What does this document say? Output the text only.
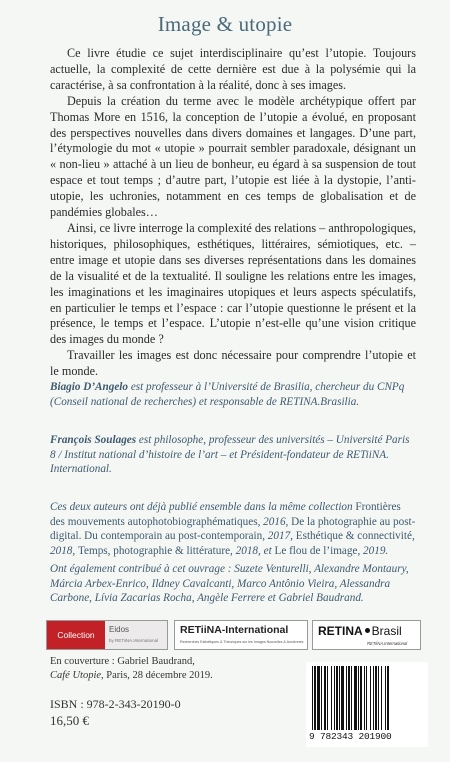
Image & utopie

Ce livre étudie ce sujet interdisciplinaire qu’est l’utopie. Toujours actuelle, la complexité de cette dernière est due à la polysémie qui la caractérise, à sa confrontation à la réalité, donc à ses images.

Depuis la création du terme avec le modèle archétypique offert par Thomas More en 1516, la conception de l’utopie a évolué, en proposant des perspectives nouvelles dans divers domaines et langages. D’une part, l’étymologie du mot « utopie » pourrait sembler paradoxale, désignant un « non-lieu » attaché à un lieu de bonheur, eu égard à sa suspension de tout espace et tout temps ; d’autre part, l’utopie est liée à la dystopie, l’anti-utopie, les uchronies, notamment en ces temps de globalisation et de pandémies globales…

Ainsi, ce livre interroge la complexité des relations – anthropologiques, historiques, philosophiques, esthétiques, littéraires, sémiotiques, etc. – entre image et utopie dans ses diverses représentations dans les domaines de la visualité et de la textualité. Il souligne les relations entre les images, les imaginations et les imaginaires utopiques et leurs aspects spéculatifs, en particulier le temps et l’espace : car l’utopie questionne le présent et la présence, le temps et l’espace. L’utopie n’est-elle qu’une vision critique des images du monde ?

Travailler les images est donc nécessaire pour comprendre l’utopie et le monde.

Biagio D’Angelo est professeur à l’Université de Brasilia, chercheur du CNPq (Conseil national de recherches) et responsable de RETINA.Brasilia.
François Soulages est philosophe, professeur des universités – Université Paris 8 / Institut national d’histoire de l’art – et Président-fondateur de RETiiNA. International.
Ces deux auteurs ont déjà publié ensemble dans la même collection Frontières des mouvements autophotobiographématiques, 2016, De la photographie au post-digital. Du contemporain au post-contemporain, 2017, Esthétique & connectivité, 2018, Temps, photographie & littérature, 2018, et Le flou de l’image, 2019.
Ont également contribué à cet ouvrage : Suzete Venturelli, Alexandre Montaury, Márcia Arbex-Enrico, Ildney Cavalcanti, Marco Antônio Vieira, Alessandra Carbone, Lívia Zacarias Rocha, Angèle Ferrere et Gabriel Baudrand.
Collection
Eidos
by RETiiNA.International
RETiiNA-International
Recherches Esthétiques & Théoriques sur les Images Nouvelles & Anciennes
RETINA Brasil
RETiiNA.International
En couverture : Gabriel Baudrand,
Café Utopie, Paris, 28 décembre 2019.
ISBN : 978-2-343-20190-0
16,50 €
9 782343 201900
